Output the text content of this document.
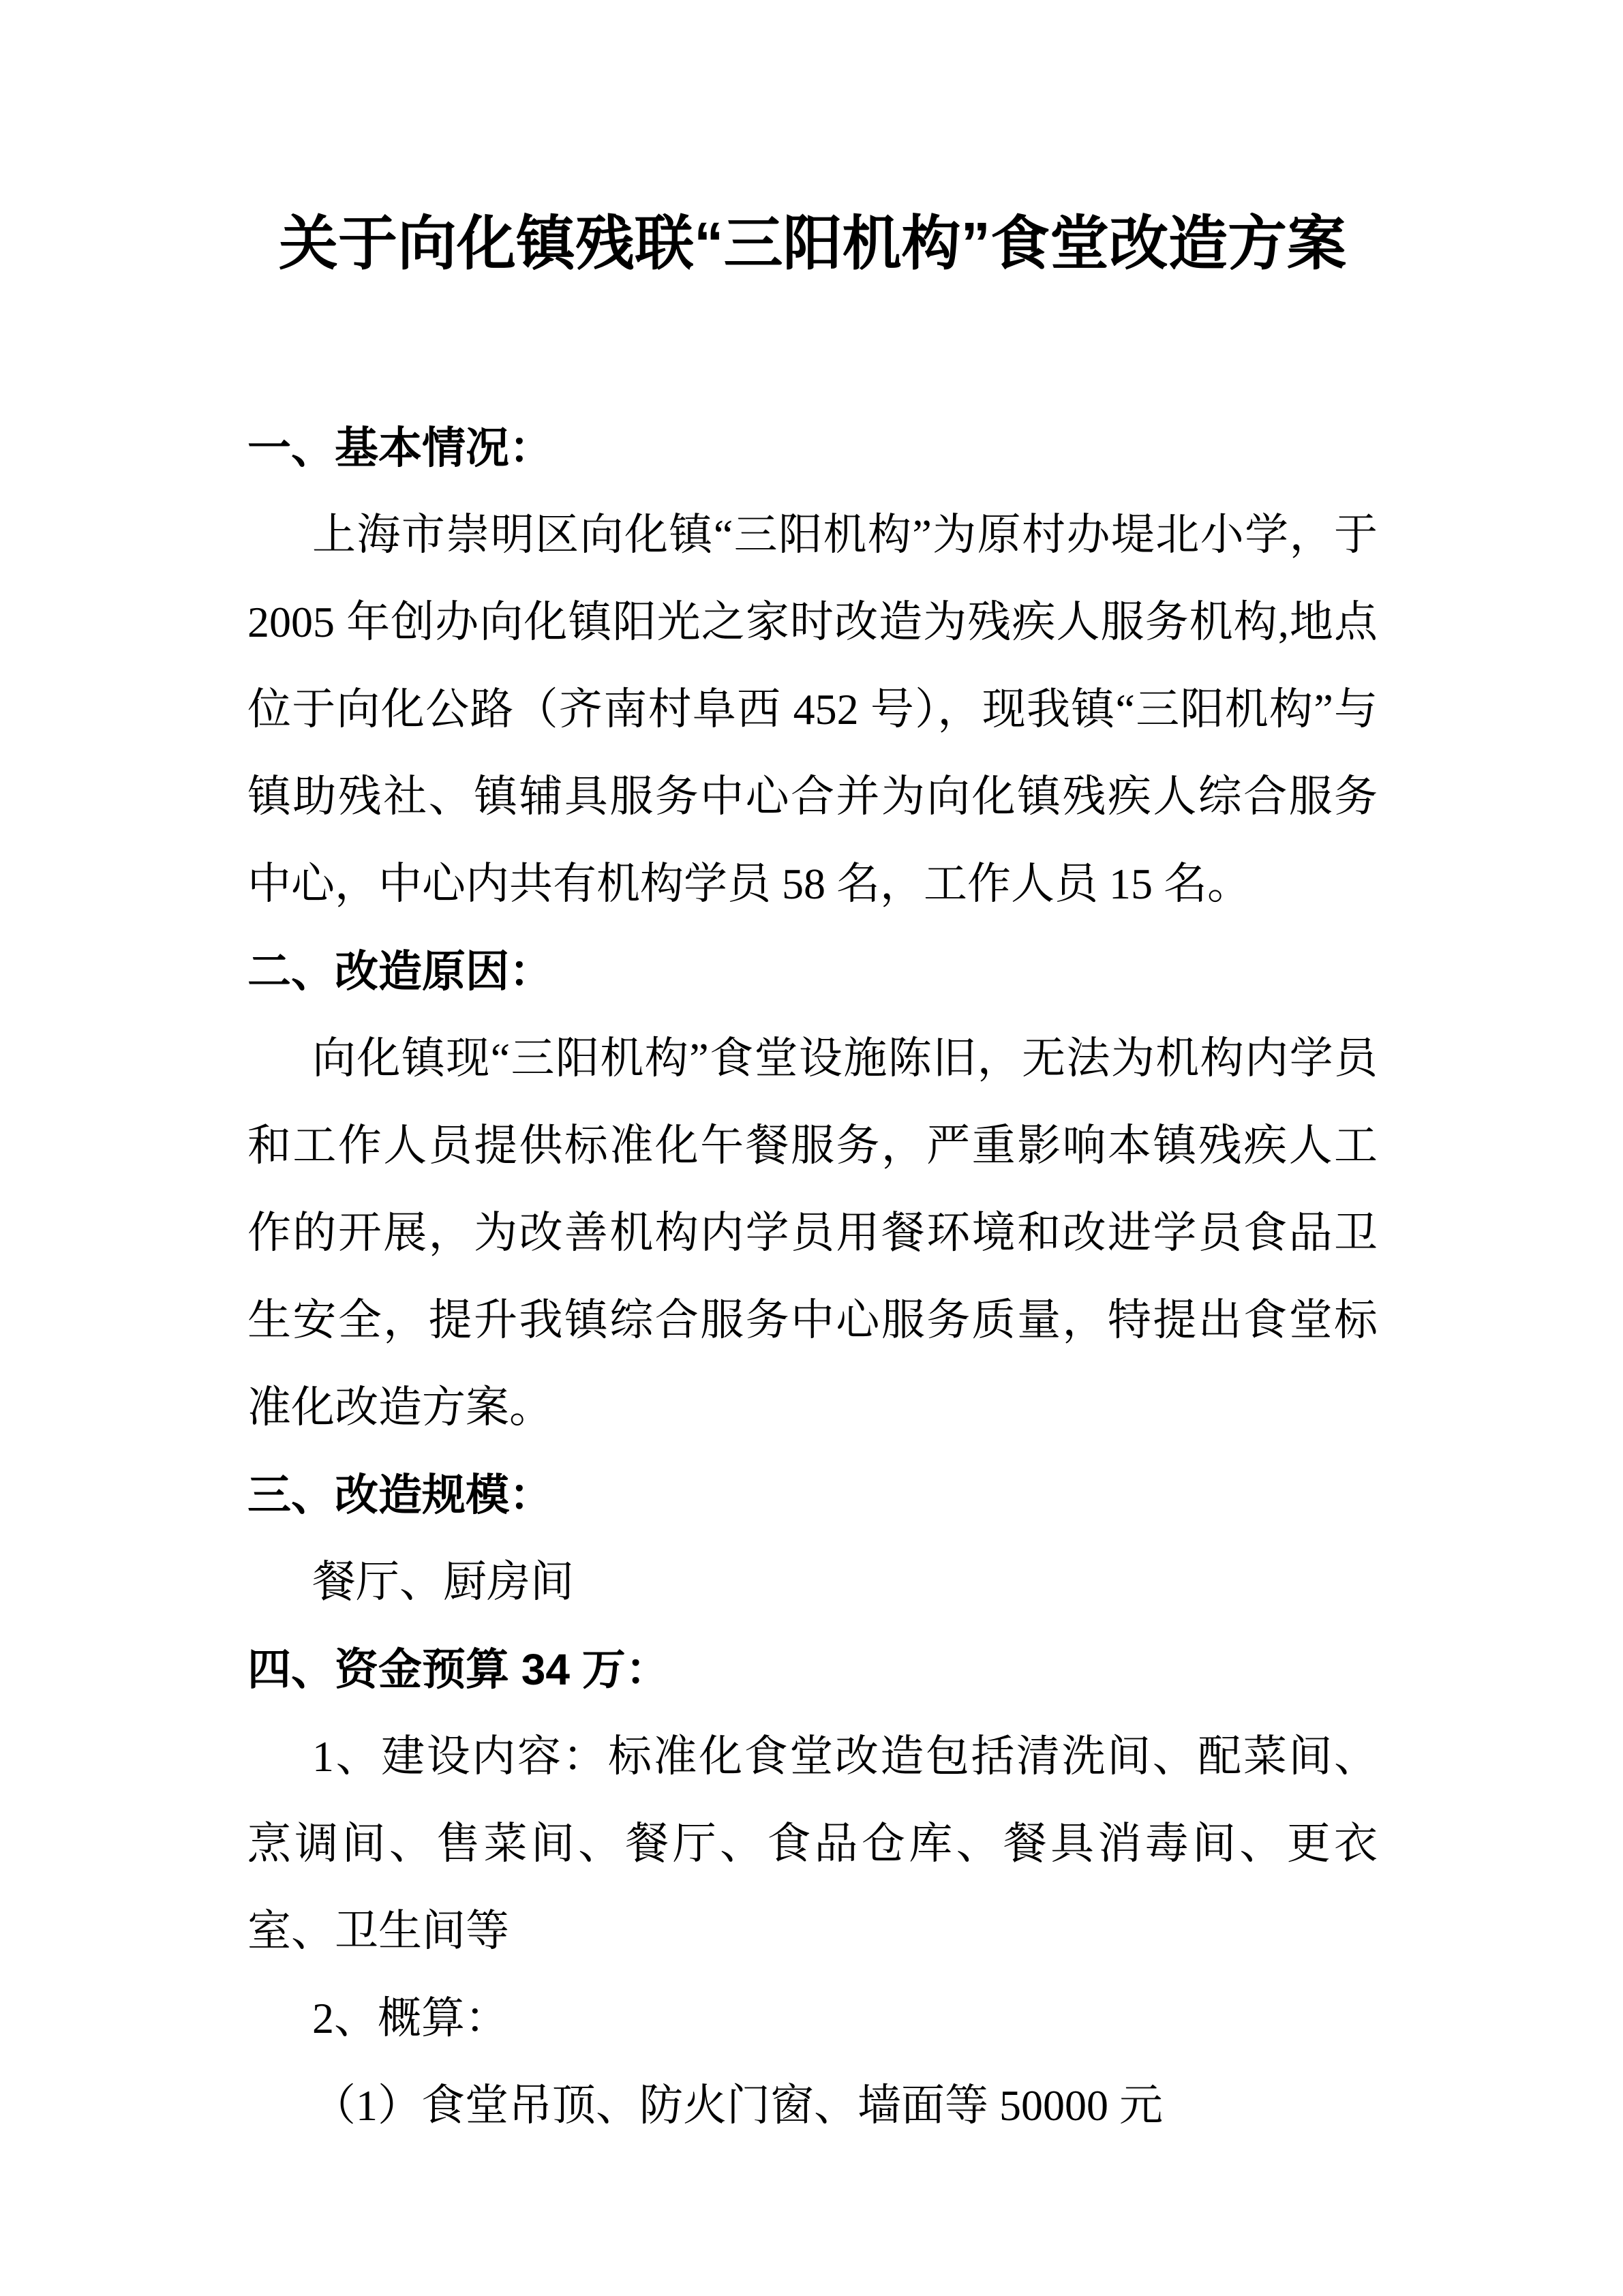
关于向化镇残联“三阳机构”食堂改造方案
一、基本情况：

上海市崇明区向化镇“三阳机构”为原村办堤北小学，于 2005 年创办向化镇阳光之家时改造为残疾人服务机构,地点位于向化公路（齐南村阜西 452 号），现我镇“三阳机构”与镇助残社、镇辅具服务中心合并为向化镇残疾人综合服务中心，中心内共有机构学员 58 名，工作人员 15 名。

二、改造原因：

向化镇现“三阳机构”食堂设施陈旧，无法为机构内学员和工作人员提供标准化午餐服务，严重影响本镇残疾人工作的开展，为改善机构内学员用餐环境和改进学员食品卫生安全，提升我镇综合服务中心服务质量，特提出食堂标准化改造方案。

三、改造规模：

餐厅、厨房间

四、资金预算 34 万：

1、建设内容：标准化食堂改造包括清洗间、配菜间、烹调间、售菜间、餐厅、食品仓库、餐具消毒间、更衣室、卫生间等

2、概算：

（1）食堂吊顶、防火门窗、墙面等 50000 元
